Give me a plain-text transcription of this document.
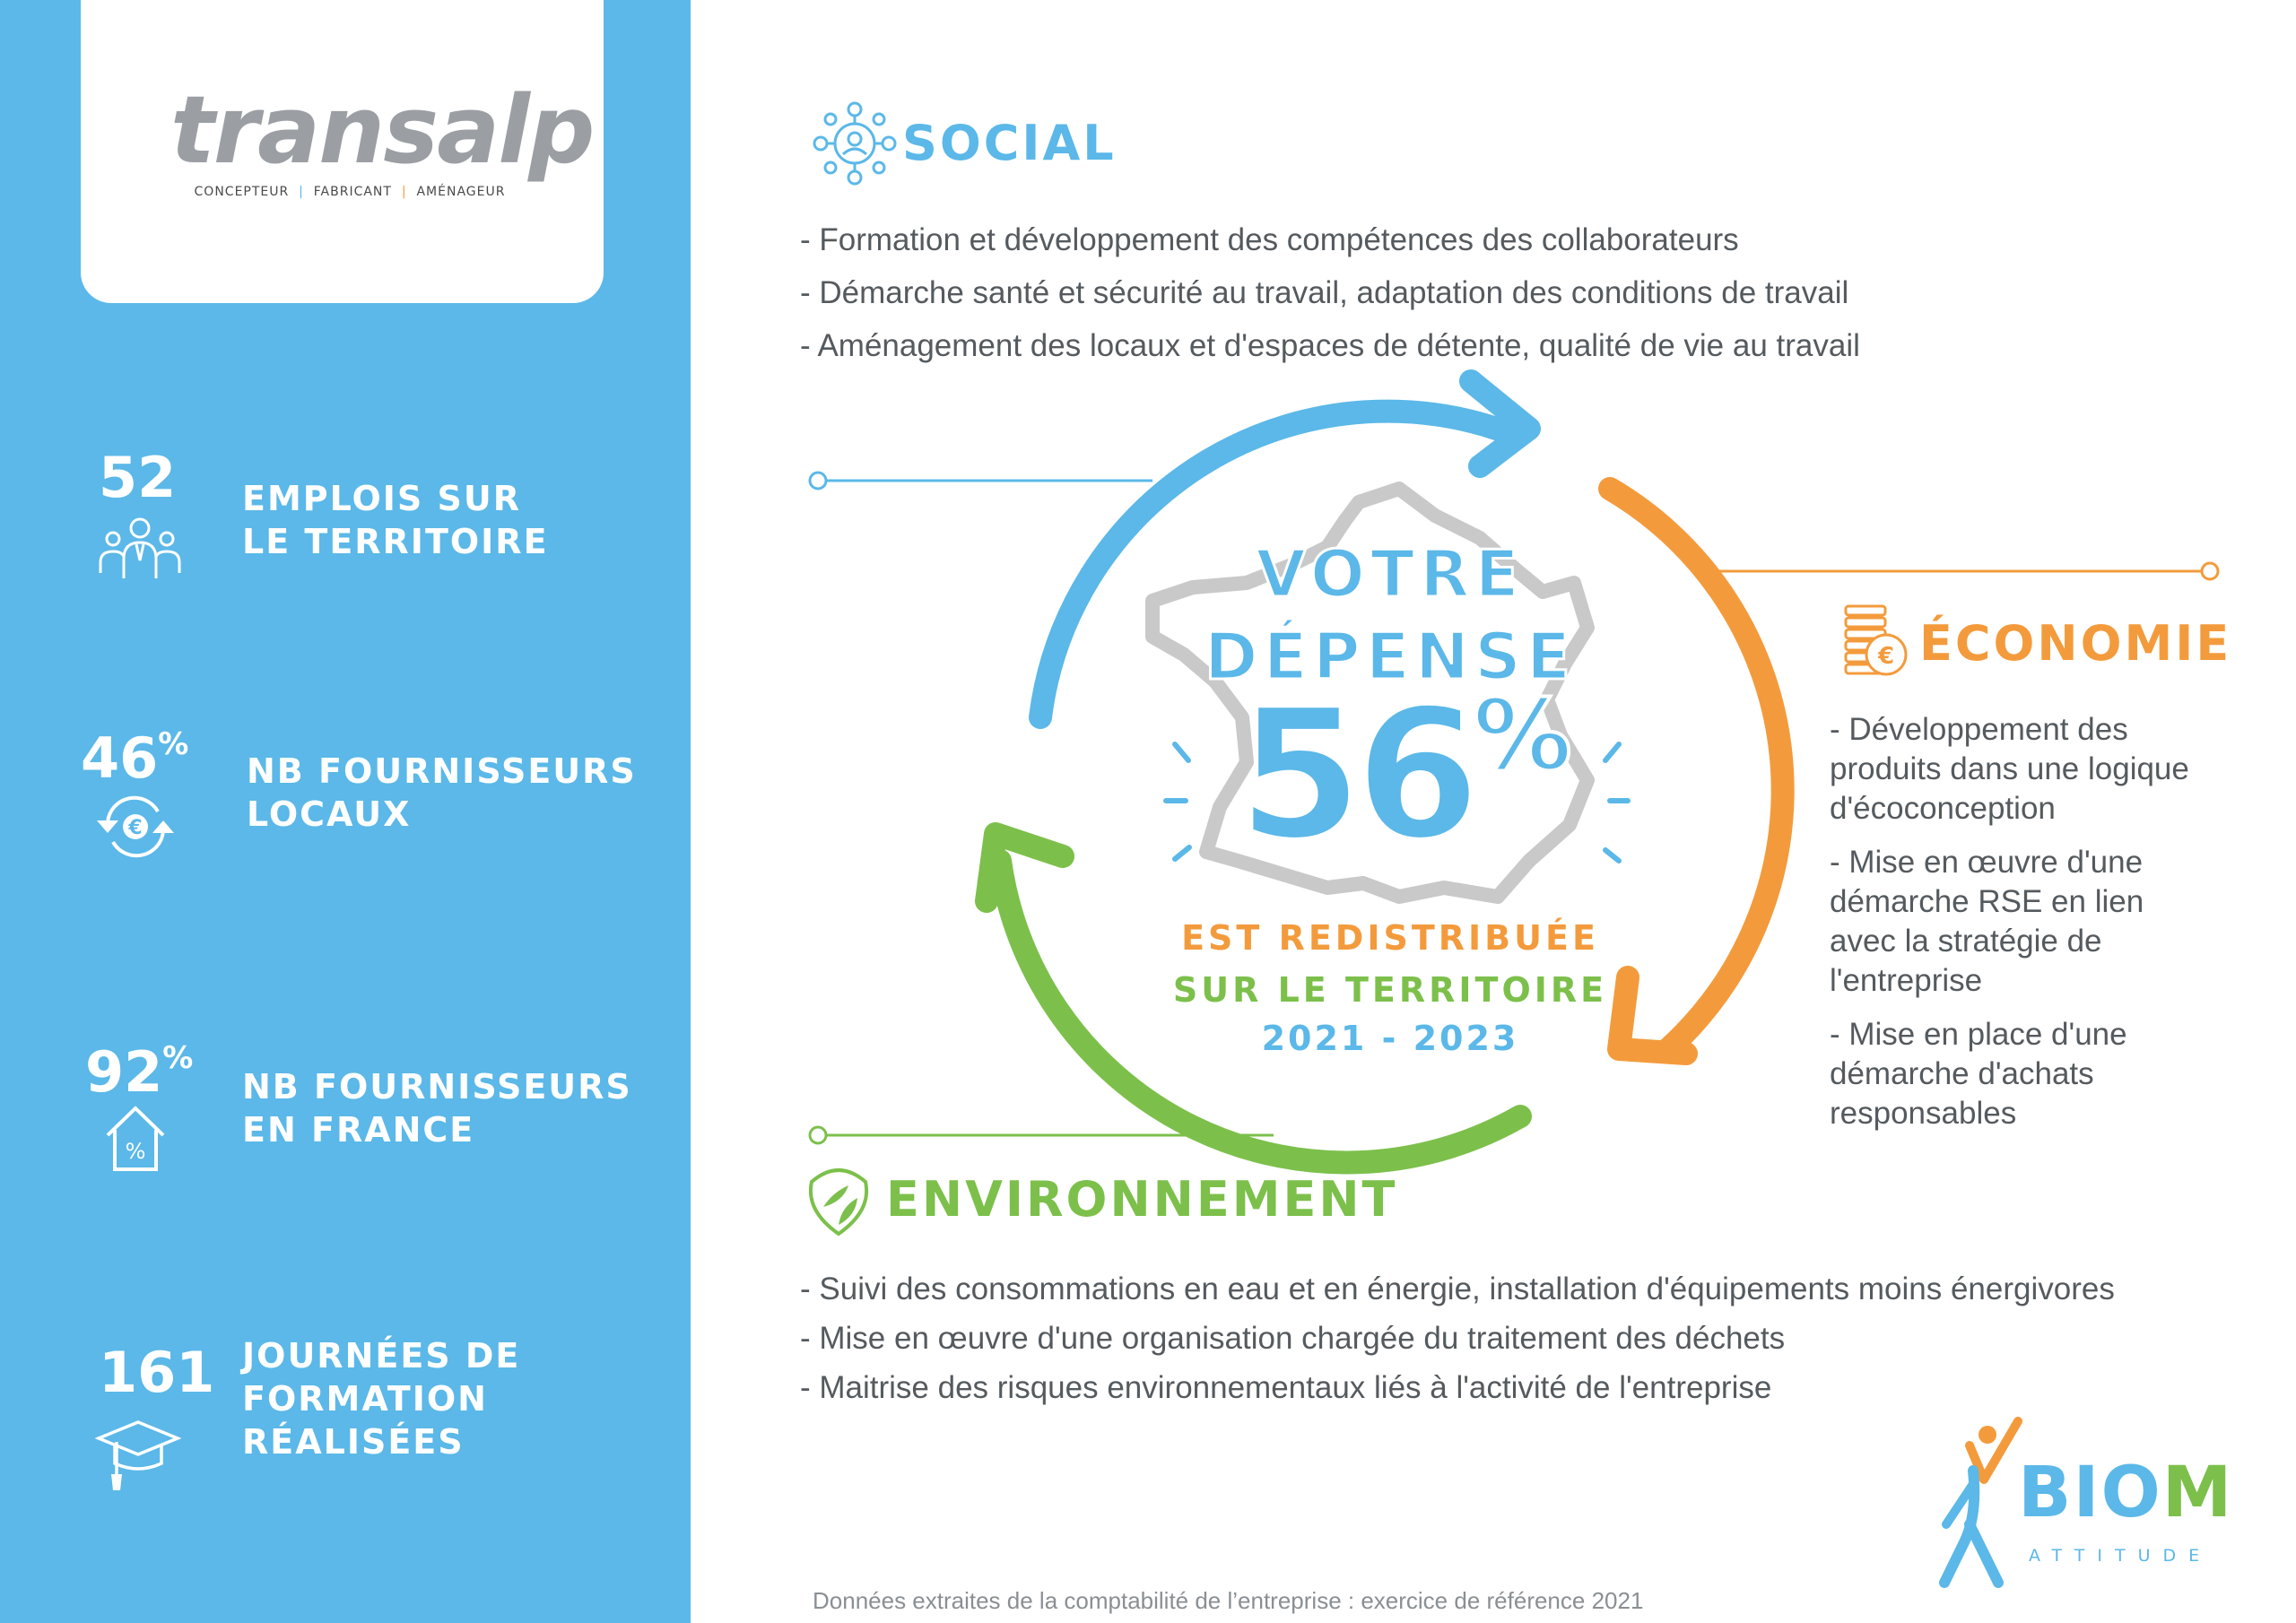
transalp
CONCEPTEUR  |  FABRICANT  |  AMÉNAGEUR
52 EMPLOIS SUR
LE TERRITOIRE
46%
€
NB FOURNISSEURS
LOCAUX
92%
%
NB FOURNISSEURS
EN FRANCE
161 JOURNÉES DE
FORMATION
RÉALISÉES
€
SOCIAL
- Formation et développement des compétences des collaborateurs
- Démarche santé et sécurité au travail, adaptation des conditions de travail
- Aménagement des locaux et d'espaces de détente, qualité de vie au travail
ÉCONOMIE
- Développement des
produits dans une logique
d'écoconception
- Mise en œuvre d'une
démarche RSE en lien
avec la stratégie de
l'entreprise
- Mise en place d'une
démarche d'achats
responsables
ENVIRONNEMENT
- Suivi des consommations en eau et en énergie, installation d'équipements moins énergivores
- Mise en œuvre d'une organisation chargée du traitement des déchets
- Maitrise des risques environnementaux liés à l'activité de l'entreprise
VOTRE
DÉPENSE
56%
EST REDISTRIBUÉE
SUR LE TERRITOIRE
2021 - 2023
Données extraites de la comptabilité de l’entreprise : exercice de référence 2021
BIOM
ATTITUDE
